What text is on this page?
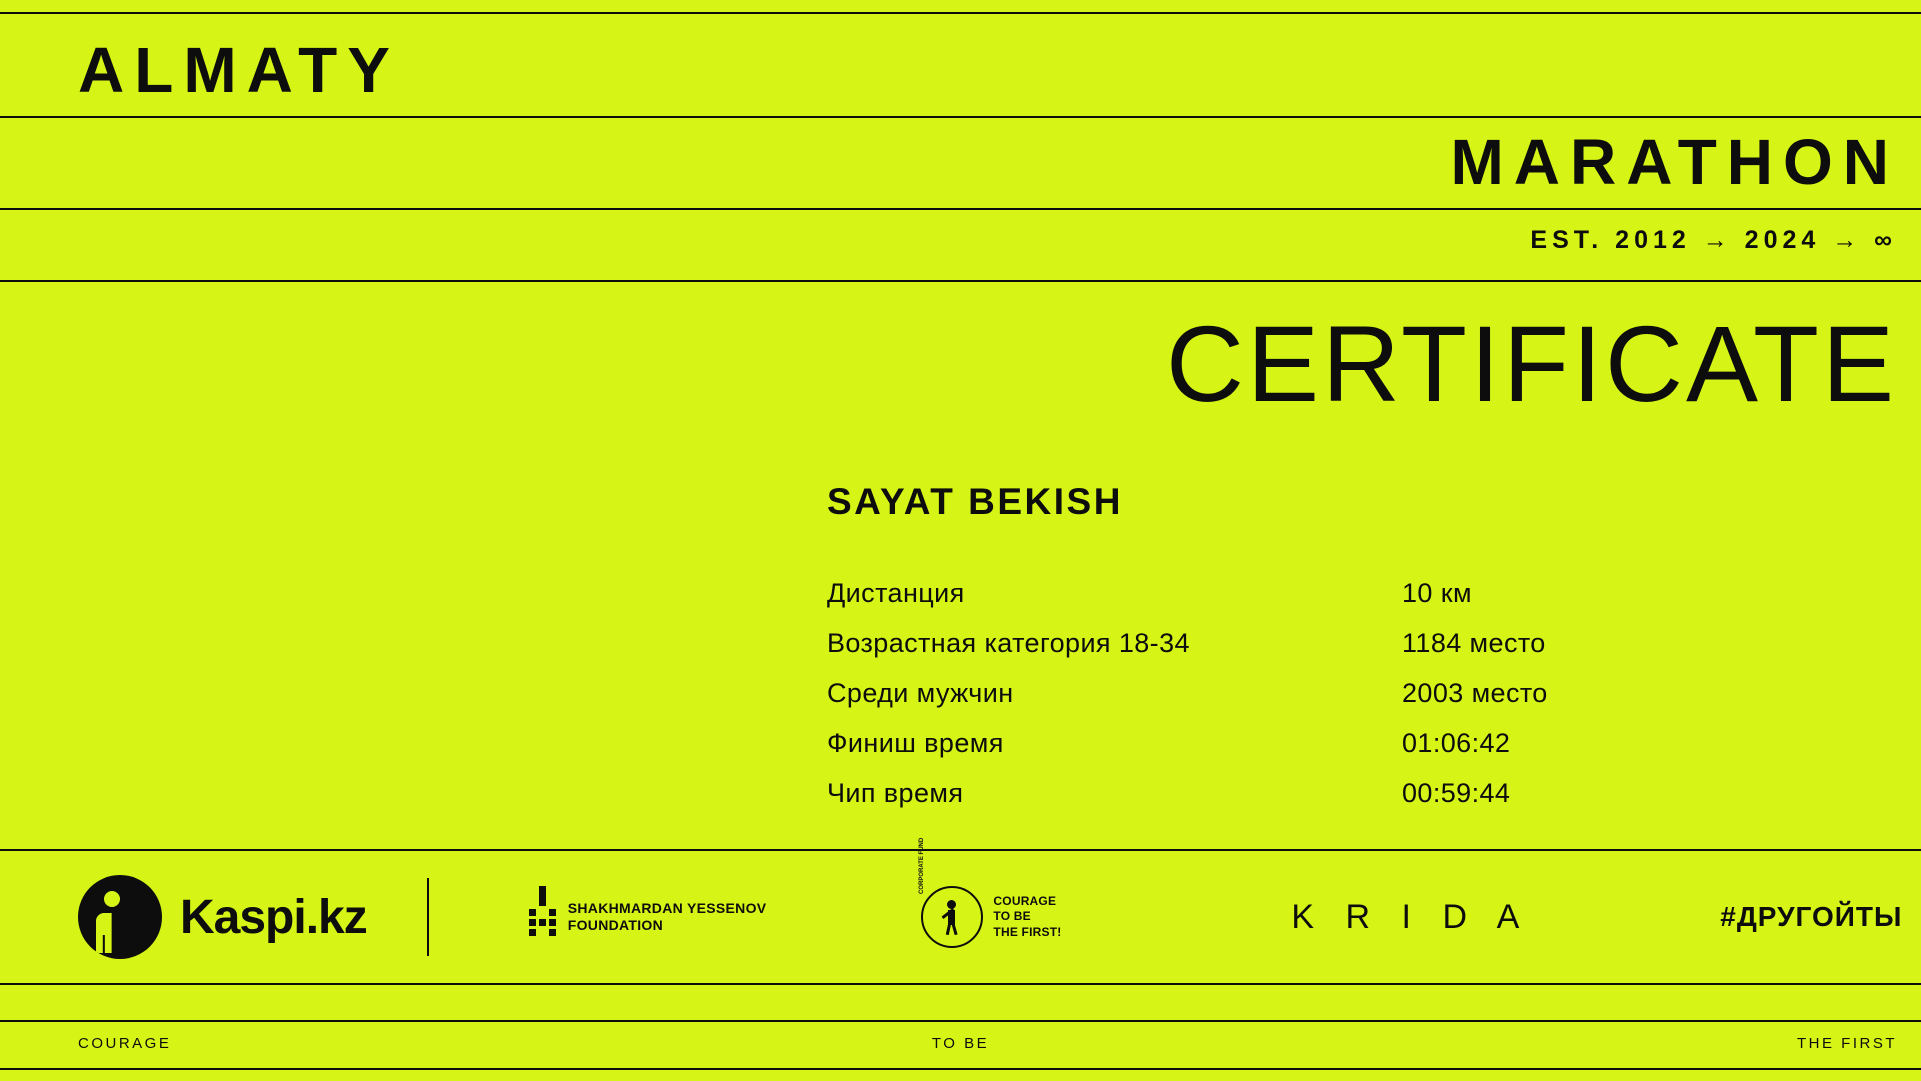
ALMATY
MARATHON
EST. 2012 → 2024 → ∞
CERTIFICATE
SAYAT BEKISH
Дистанция	10 км
Возрастная категория 18-34	1184 место
Среди мужчин	2003 место
Финиш время	01:06:42
Чип время	00:59:44
Kaspi.kz	SHAKHMARDAN YESSENOV
FOUNDATION
CORPORATE FUND
COURAGE
TO BE
THE FIRST!	K R I D A	#ДРУГОЙТЫ
COURAGE	TO BE	THE FIRST
